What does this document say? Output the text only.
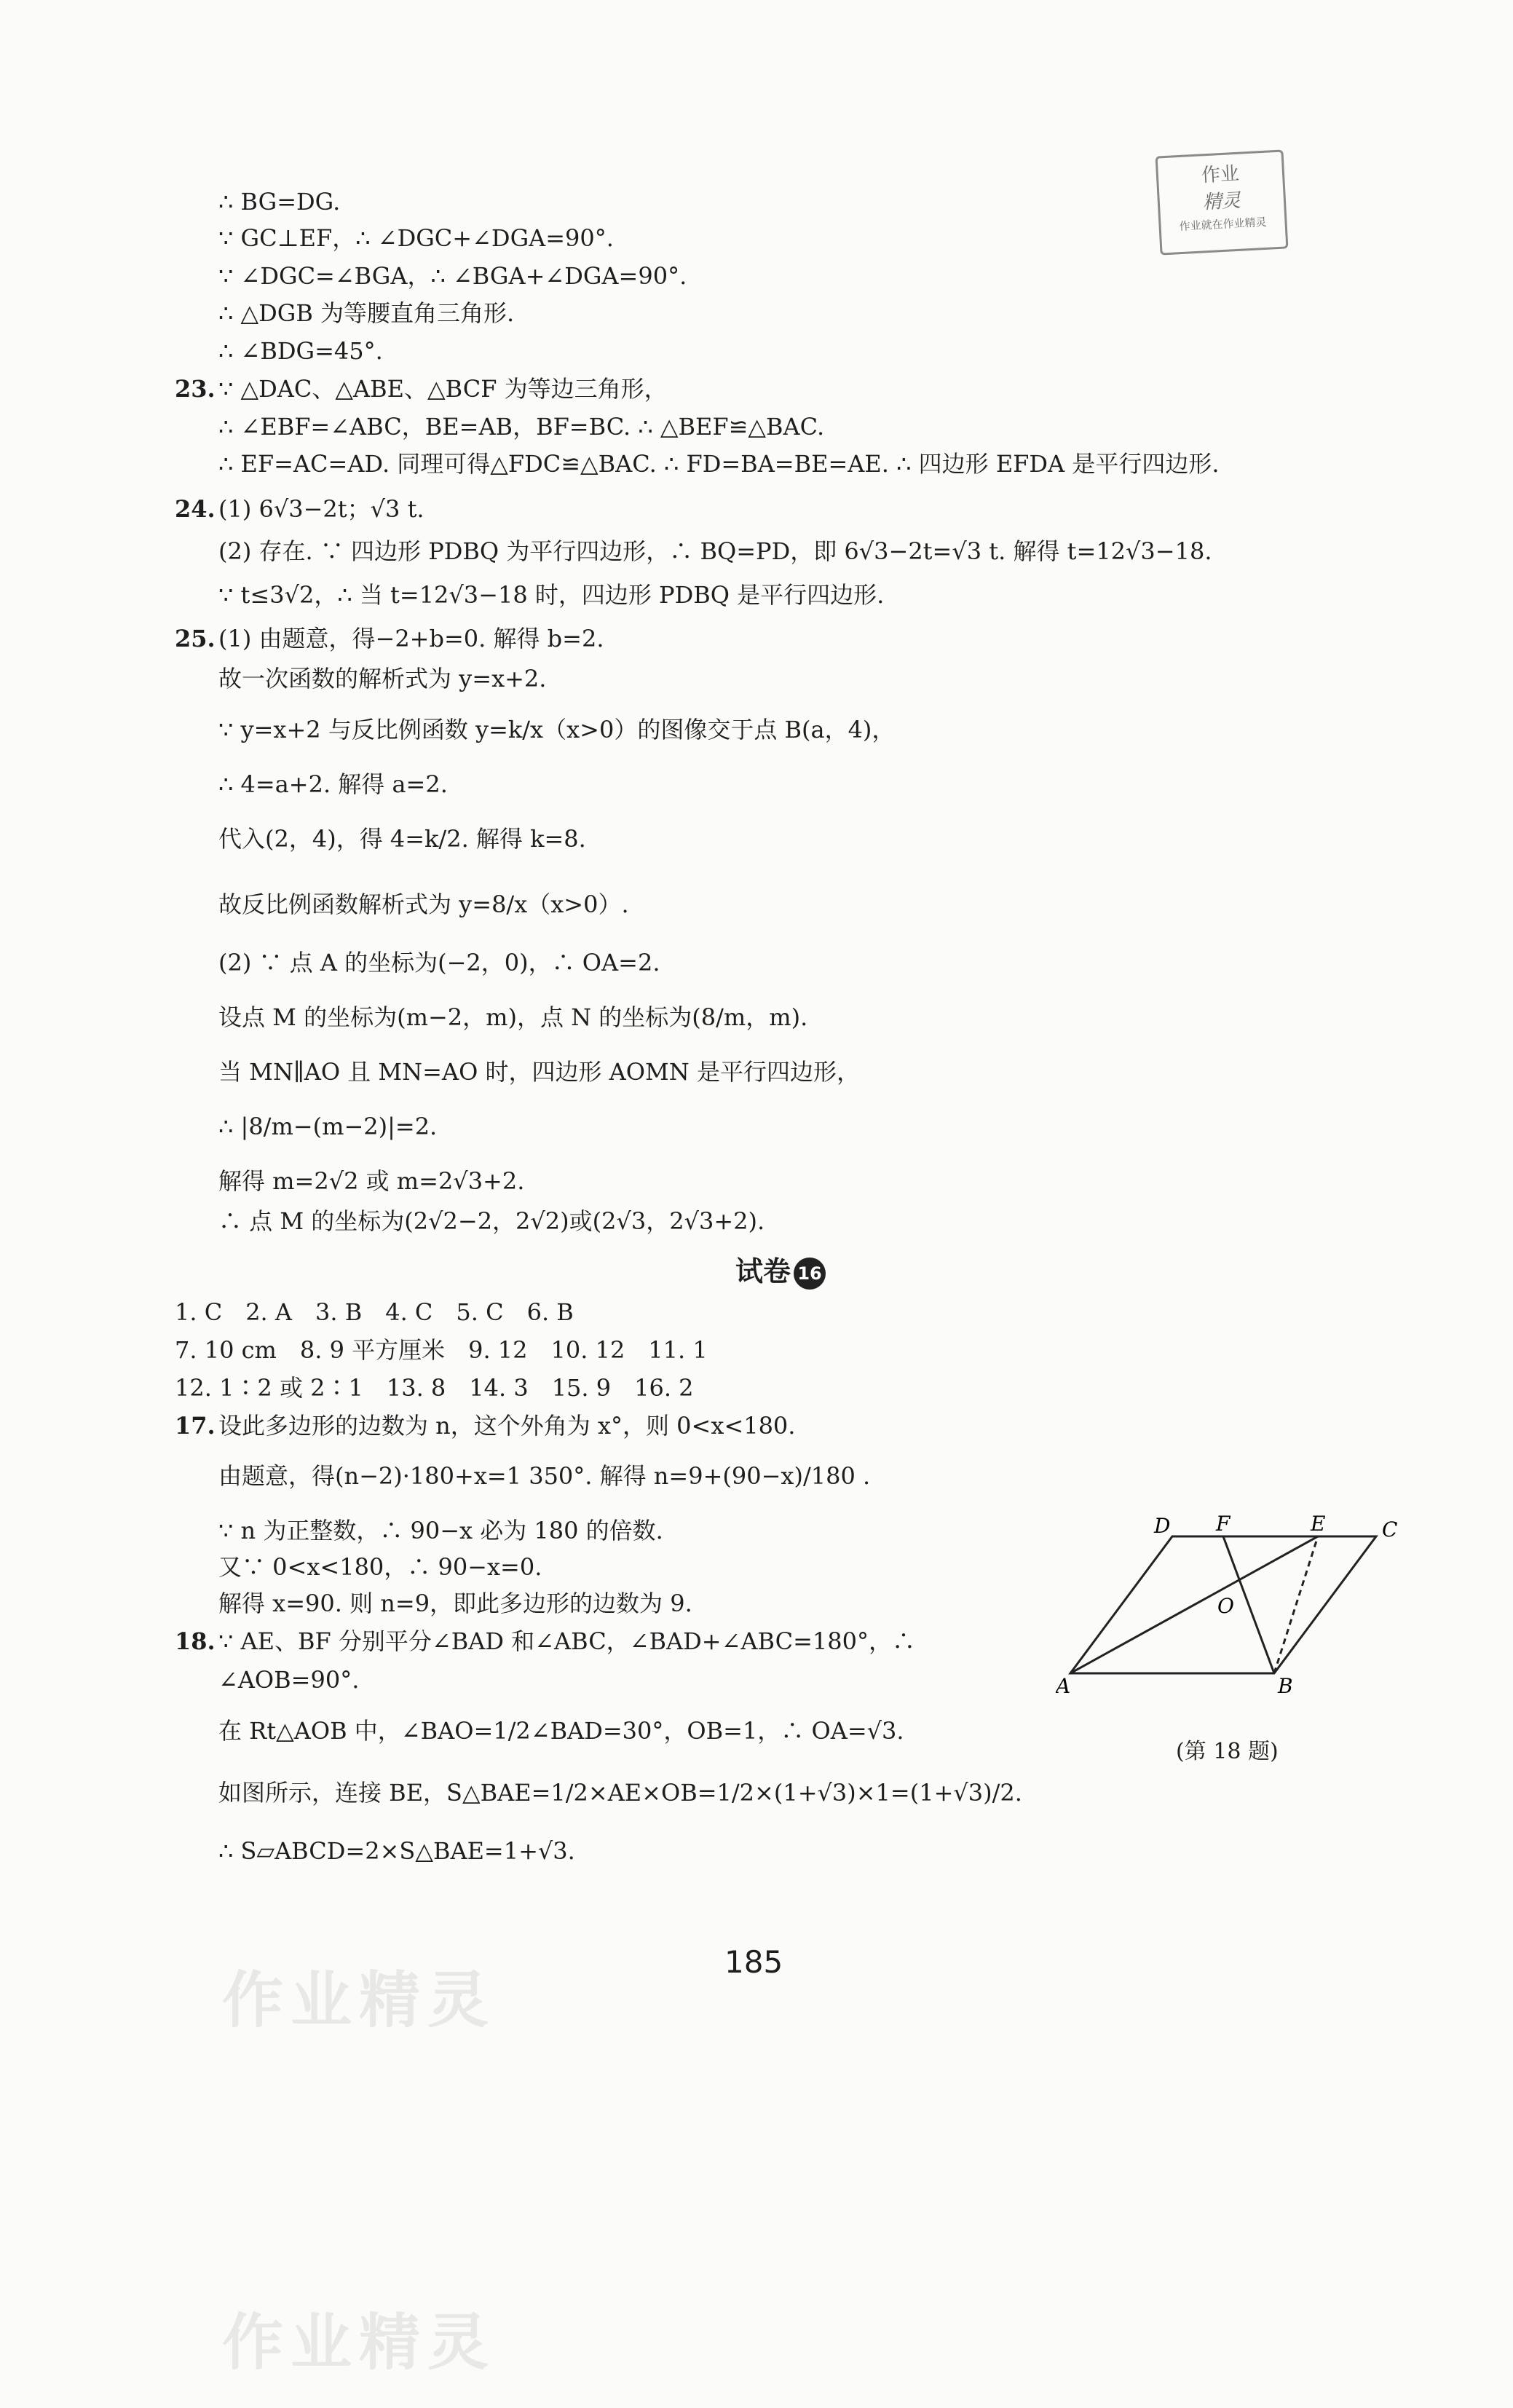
作业
精灵
作业就在作业精灵
∴ BG=DG.
∵ GC⊥EF，∴ ∠DGC+∠DGA=90°.
∵ ∠DGC=∠BGA，∴ ∠BGA+∠DGA=90°.
∴ △DGB 为等腰直角三角形.
∴ ∠BDG=45°.
23. ∵ △DAC、△ABE、△BCF 为等边三角形，
∴ ∠EBF=∠ABC，BE=AB，BF=BC. ∴ △BEF≌△BAC.
∴ EF=AC=AD. 同理可得△FDC≌△BAC. ∴ FD=BA=BE=AE. ∴ 四边形 EFDA 是平行四边形.
24. (1) 6√3−2t；√3 t.
(2) 存在. ∵ 四边形 PDBQ 为平行四边形，∴ BQ=PD，即 6√3−2t=√3 t. 解得 t=12√3−18.
∵ t≤3√2，∴ 当 t=12√3−18 时，四边形 PDBQ 是平行四边形.
25. (1) 由题意，得−2+b=0. 解得 b=2.
故一次函数的解析式为 y=x+2.
∵ y=x+2 与反比例函数 y=k/x（x>0）的图像交于点 B(a，4)，
∴ 4=a+2. 解得 a=2.
代入(2，4)，得 4=k/2. 解得 k=8.
故反比例函数解析式为 y=8/x（x>0）.
(2) ∵ 点 A 的坐标为(−2，0)，∴ OA=2.
设点 M 的坐标为(m−2，m)，点 N 的坐标为(8/m，m).
当 MN∥AO 且 MN=AO 时，四边形 AOMN 是平行四边形，
∴ |8/m−(m−2)|=2.
解得 m=2√2 或 m=2√3+2.
∴ 点 M 的坐标为(2√2−2，2√2)或(2√3，2√3+2).
试卷 16
1. C　2. A　3. B　4. C　5. C　6. B
7. 10 cm　8. 9 平方厘米　9. 12　10. 12　11. 1
12. 1∶2 或 2∶1　13. 8　14. 3　15. 9　16. 2
17. 设此多边形的边数为 n，这个外角为 x°，则 0<x<180.
由题意，得(n−2)·180+x=1 350°. 解得 n=9+(90−x)/180 .
∵ n 为正整数，∴ 90−x 必为 180 的倍数.
又∵ 0<x<180，∴ 90−x=0.
解得 x=90. 则 n=9，即此多边形的边数为 9.
18. ∵ AE、BF 分别平分∠BAD 和∠ABC，∠BAD+∠ABC=180°，∴
∠AOB=90°.
在 Rt△AOB 中，∠BAO=1/2∠BAD=30°，OB=1，∴ OA=√3.
如图所示，连接 BE，S△BAE=1/2×AE×OB=1/2×(1+√3)×1=(1+√3)/2.
∴ S▱ABCD=2×S△BAE=1+√3.
A	B
C
D	E
F
O
(第 18 题)
185
作业精灵
作业精灵
